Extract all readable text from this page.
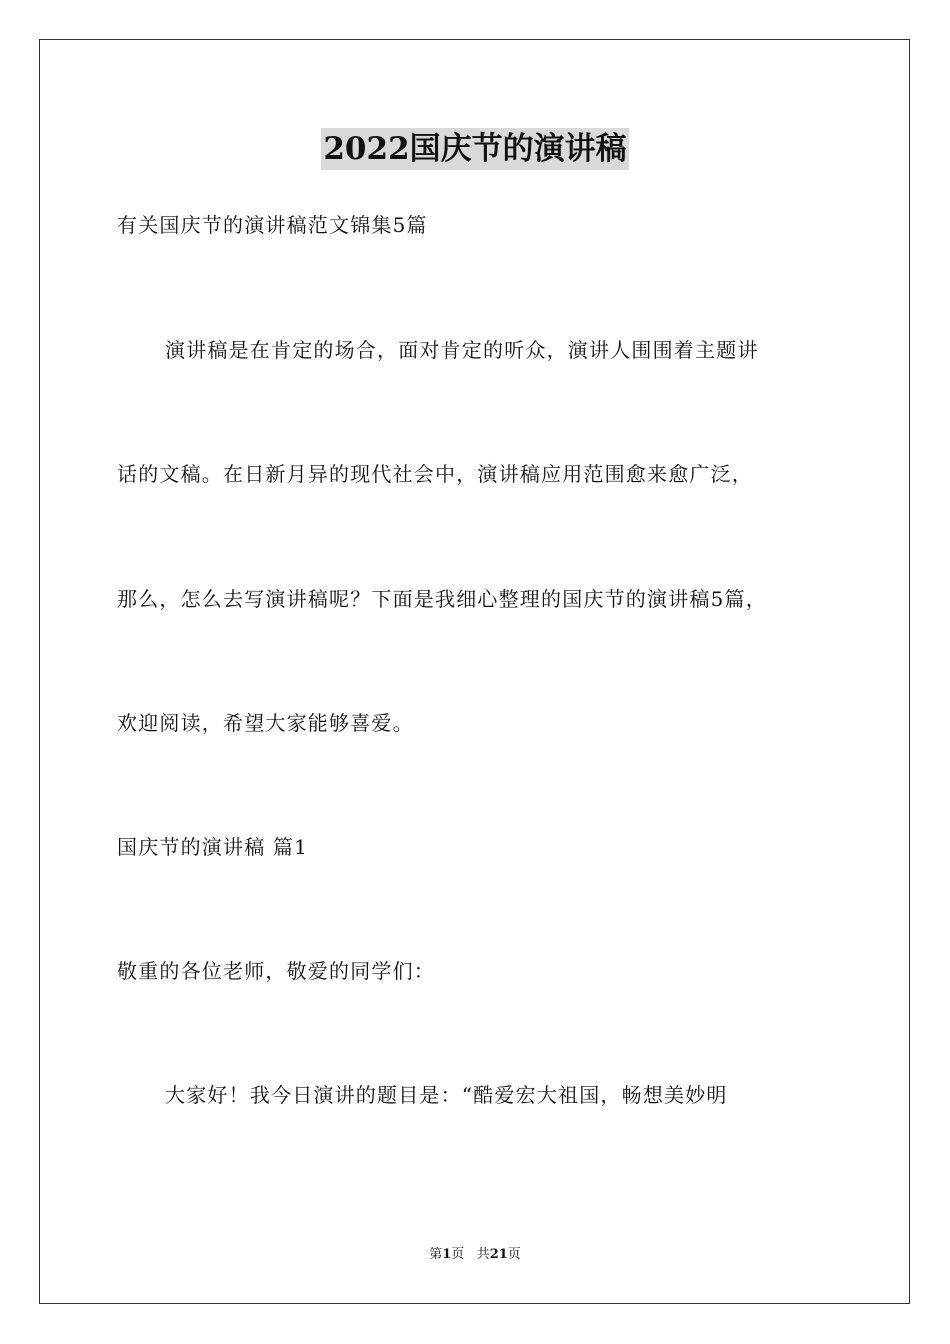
2022国庆节的演讲稿
有关国庆节的演讲稿范文锦集5篇
演讲稿是在肯定的场合，面对肯定的听众，演讲人围围着主题讲
话的文稿。在日新月异的现代社会中，演讲稿应用范围愈来愈广泛，
那么，怎么去写演讲稿呢？下面是我细心整理的国庆节的演讲稿5篇，
欢迎阅读，希望大家能够喜爱。
国庆节的演讲稿 篇1
敬重的各位老师，敬爱的同学们：
大家好！我今日演讲的题目是：“酷爱宏大祖国，畅想美妙明
第1页 共21页
